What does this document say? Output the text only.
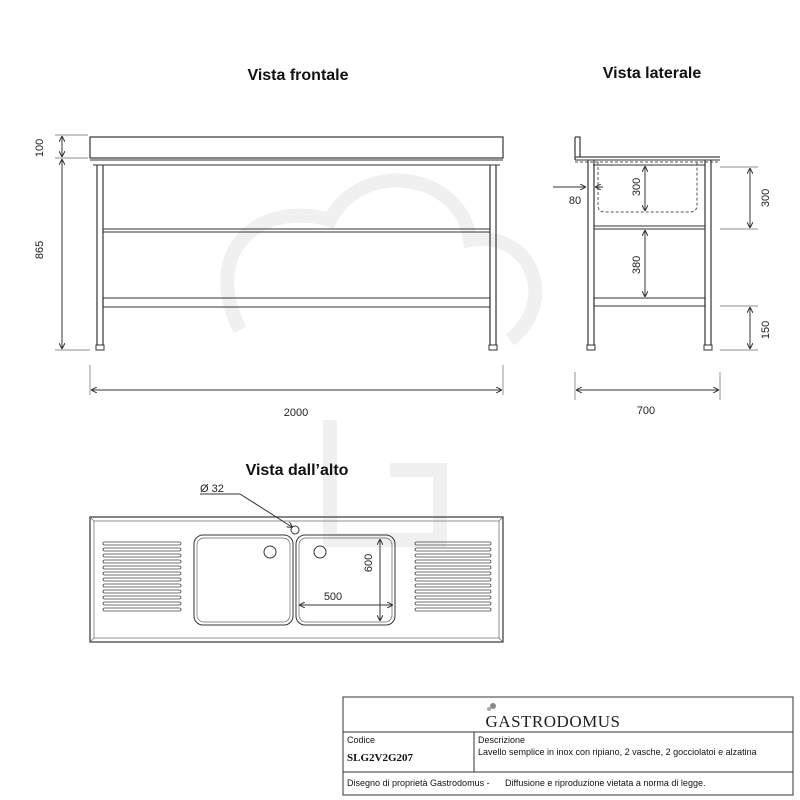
Vista frontale
100
865
2000
Vista laterale
80
300
380
300
150
700
Vista dall’alto
Ø 32
600
500
GASTRODOMUS
Codice
SLG2V2G207
Descrizione
Lavello semplice in inox con ripiano, 2 vasche, 2 gocciolatoi e alzatina
Disegno di proprietà Gastrodomus - Diffusione e riproduzione vietata a norma di legge.
